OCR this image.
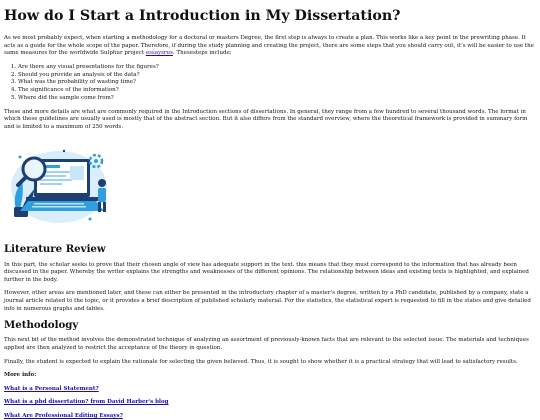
How do I Start a Introduction in My Dissertation?

As we most probably expect, when starting a methodology for a doctoral or masters Degree, the first step is always to create a plan. This works like a key point in the prewriting phase. It acts as a guide for the whole scope of the paper. Therefore, if during the study planning and creating the project, there are some steps that you should carry out, it’s will be easier to use the same measures for the worldwide Sulphur project essaysrus. Thesesteps include;

1. Are there any visual presentations for the figures?
2. Should you provide an analysis of the data?
3. What was the probability of wasting time?
4. The significance of the information?
5. Where did the sample come from?

These and more details are what are commonly required in the Introduction sections of dissertations. In general, they range from a few hundred to several thousand words. The format in which these guidelines are usually used is mostly that of the abstract section. But it also differs from the standard overview, where the theoretical framework is provided in summary form and is limited to a maximum of 250 words.

Literature Review

In this part, the scholar seeks to prove that their chosen angle of view has adequate support in the text. this means that they must correspond to the information that has already been discussed in the paper. Whereby the writer explains the strengths and weaknesses of the different opinions. The relationship between ideas and existing texts is highlighted, and explained further in the body.

However, other areas are mentioned later, and these can either be presented in the introductory chapter of a master’s degree, written by a PhD candidate, published by a company, state a journal article related to the topic, or it provides a brief description of published scholarly material. For the statistics, the statistical expert is requested to fill in the states and give detailed info in numerous graphs and tables.

Methodology

This next bit of the method involves the demonstrated technique of analyzing an assortment of previously-known facts that are relevant to the selected issue. The materials and techniques applied are then analyzed to restrict the acceptance of the theory in question.

Finally, the student is expected to explain the rationale for selecting the given believed. Thus, it is sought to show whether it is a practical strategy that will lead to satisfactory results.

More info:

What is a Personal Statement?

What is a phd dissertation? from David Harber's blog

What Are Professional Editing Essays?
